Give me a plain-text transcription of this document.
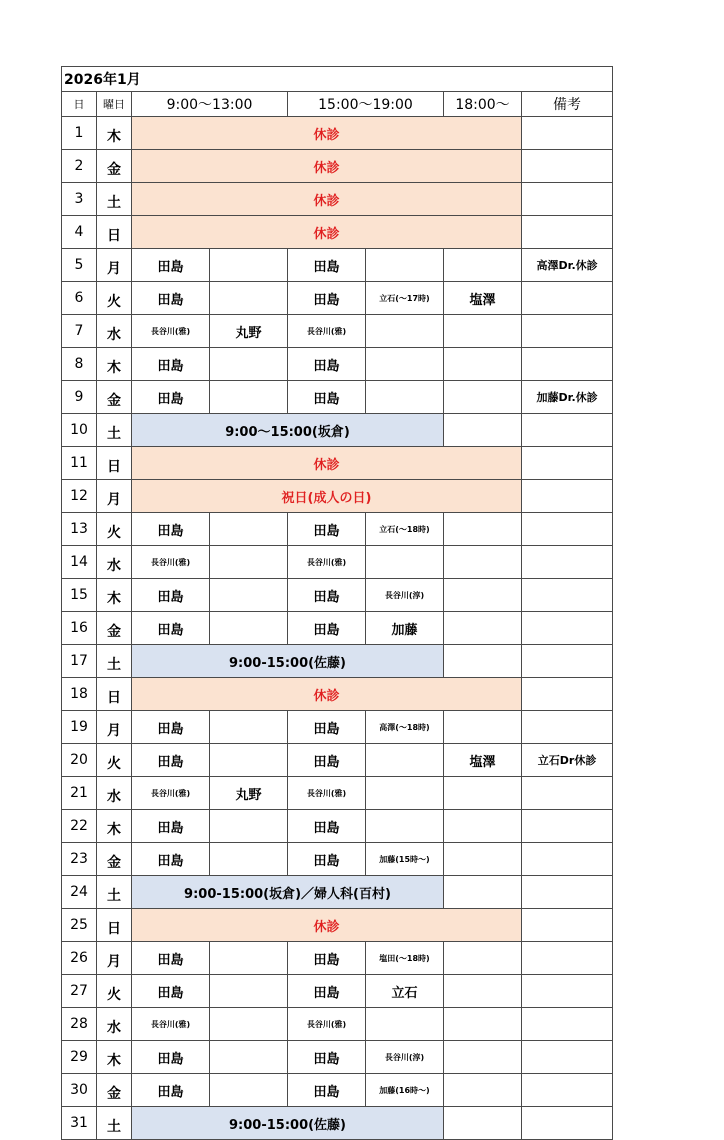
2026年1月							
日	曜日	9:00～13:00		15:00～19:00		18:00～	備考
1	木	休診					
2	金	休診					
3	土	休診					
4	日	休診					
5	月	田島		田島			高澤Dr.休診
6	火	田島		田島	立石(～17時)	塩澤	
7	水	長谷川(雅)	丸野	長谷川(雅)			
8	木	田島		田島			
9	金	田島		田島			加藤Dr.休診
10	土	9:00～15:00(坂倉)					
11	日	休診					
12	月	祝日(成人の日)					
13	火	田島		田島	立石(～18時)		
14	水	長谷川(雅)		長谷川(雅)			
15	木	田島		田島	長谷川(淳)		
16	金	田島		田島	加藤		
17	土	9:00-15:00(佐藤)					
18	日	休診					
19	月	田島		田島	高澤(～18時)		
20	火	田島		田島		塩澤	立石Dr休診
21	水	長谷川(雅)	丸野	長谷川(雅)			
22	木	田島		田島			
23	金	田島		田島	加藤(15時～)		
24	土	9:00-15:00(坂倉)／婦人科(百村)					
25	日	休診					
26	月	田島		田島	塩田(～18時)		
27	火	田島		田島	立石		
28	水	長谷川(雅)		長谷川(雅)			
29	木	田島		田島	長谷川(淳)		
30	金	田島		田島	加藤(16時～)		
31	土	9:00-15:00(佐藤)					
